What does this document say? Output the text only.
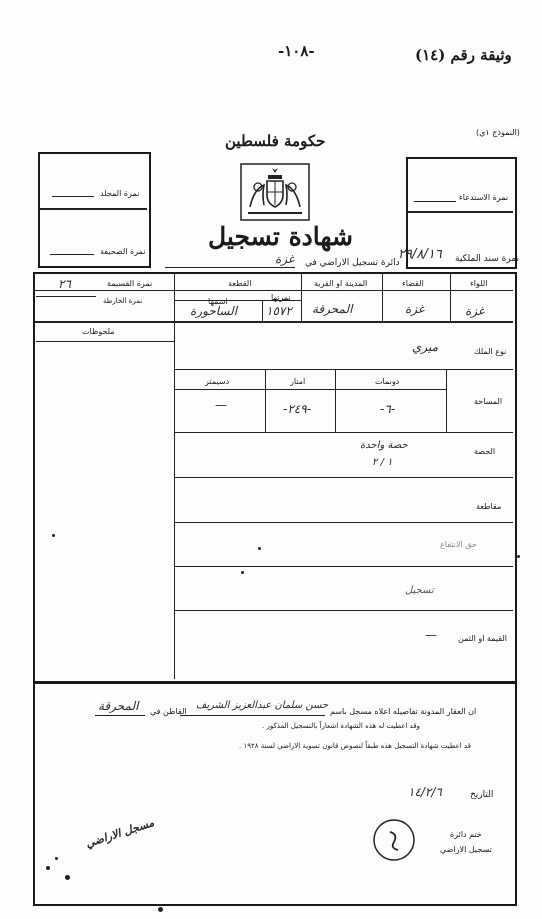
-١٠٨-	وثيقة رقم (١٤)
(النموذج ١ي)
حكومة فلسطين
شهادة تسجيل
نمرة المجلد
نمرة الصحيفة
نمرة الاستدعاء
نمرة سند الملكية
٢٩/٨/١٦
دائرة تسجيل الاراضي في
غزة
اللواء
القضاء
المدينة او القرية
القطعة
نمرتها
اسمها
نمرة القسيمة
نمرة الخارطة
غزة
غزة
المحرقة
١٥٧٢
الساحورة
٢٦
ملحوظات
نوع الملك
ميري
المساحة
دونمات
امتار
دسيمتر
-٦-
-٢٤٩-
—
الحصة
حصة واحدة
١ / ٢
مقاطعة
حق الانتفاع
تسجيل
القيمة او الثمن
—
ان العقار المدونة تفاصيله اعلاه مسجل باسم
حسن سلمان عبدالعزيز الشريف
القاطن في
المحرقة
وقد اعطيت له هذه الشهادة اشعاراً بالتسجيل المذكور .
قد اعطيت شهادة التسجيل هذه طبقاً لنصوص قانون تسوية الاراضي لسنة ١٩٢٨ .
التاريخ
١٤/٢/٦
ختم دائرة
تسجيل الاراضي
مسجل الاراضي
